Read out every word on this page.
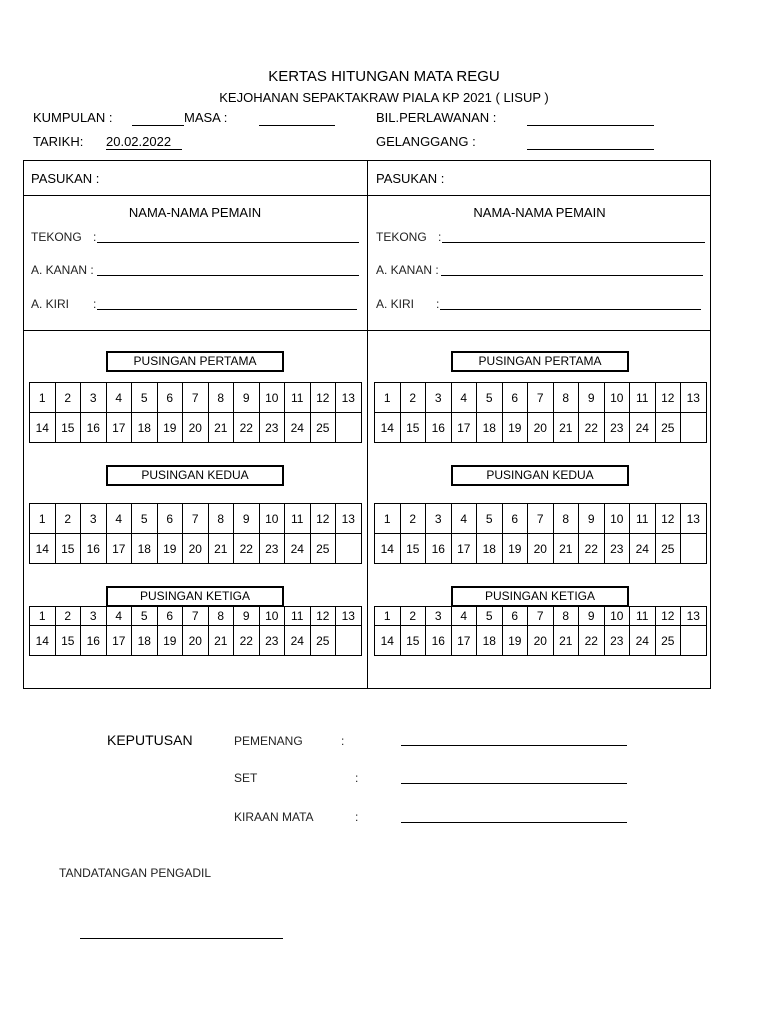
KERTAS HITUNGAN MATA REGU
KEJOHANAN SEPAKTAKRAW PIALA KP 2021 ( LISUP )
KUMPULAN :	MASA :	BIL.PERLAWANAN :
TARIKH: 20.02.2022	GELANGGANG :
PASUKAN :
NAMA-NAMA PEMAIN
TEKONG :
A. KANAN :
A. KIRI :
PASUKAN :
NAMA-NAMA PEMAIN
TEKONG :
A. KANAN :
A. KIRI :
PUSINGAN PERTAMA
PUSINGAN KEDUA
PUSINGAN KETIGA
PUSINGAN PERTAMA
PUSINGAN KEDUA
PUSINGAN KETIGA
1	2	3	4	5	6	7	8	9	10	11	12	13
14	15	16	17	18	19	20	21	22	23	24	25	
1	2	3	4	5	6	7	8	9	10	11	12	13
14	15	16	17	18	19	20	21	22	23	24	25	
1	2	3	4	5	6	7	8	9	10	11	12	13
14	15	16	17	18	19	20	21	22	23	24	25	
1	2	3	4	5	6	7	8	9	10	11	12	13
14	15	16	17	18	19	20	21	22	23	24	25	
1	2	3	4	5	6	7	8	9	10	11	12	13
14	15	16	17	18	19	20	21	22	23	24	25	
1	2	3	4	5	6	7	8	9	10	11	12	13
14	15	16	17	18	19	20	21	22	23	24	25	
KEPUTUSAN	PEMENANG	:
SET	:
KIRAAN MATA	:
TANDATANGAN PENGADIL
